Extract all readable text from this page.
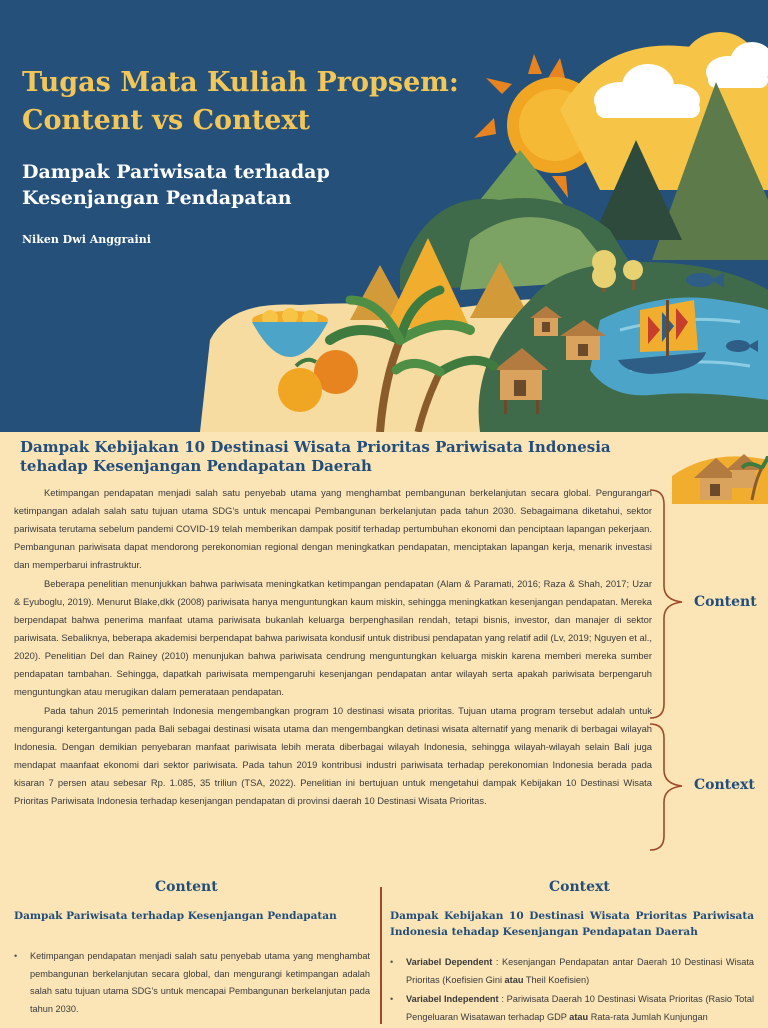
Tugas Mata Kuliah Propsem:
Content vs Context
Dampak Pariwisata terhadap
Kesenjangan Pendapatan
Niken Dwi Anggraini
Dampak Kebijakan 10 Destinasi Wisata Prioritas Pariwisata Indonesia tehadap Kesenjangan Pendapatan Daerah

Ketimpangan pendapatan menjadi salah satu penyebab utama yang menghambat pembangunan berkelanjutan secara global. Pengurangan ketimpangan adalah salah satu tujuan utama SDG’s untuk mencapai Pembangunan berkelanjutan pada tahun 2030. Sebagaimana diketahui, sektor pariwisata terutama sebelum pandemi COVID-19 telah memberikan dampak positif terhadap pertumbuhan ekonomi dan penciptaan lapangan pekerjaan. Pembangunan pariwisata dapat mendorong perekonomian regional dengan meningkatkan pendapatan, menciptakan lapangan kerja, menarik investasi dan memperbarui infrastruktur.

Beberapa penelitian menunjukkan bahwa pariwisata meningkatkan ketimpangan pendapatan (Alam & Paramati, 2016; Raza & Shah, 2017; Uzar & Eyuboglu, 2019). Menurut Blake,dkk (2008) pariwisata hanya menguntungkan kaum miskin, sehingga meningkatkan kesenjangan pendapatan. Mereka berpendapat bahwa penerima manfaat utama pariwisata bukanlah keluarga berpenghasilan rendah, tetapi bisnis, investor, dan manajer di sektor pariwisata. Sebaliknya, beberapa akademisi berpendapat bahwa pariwisata kondusif untuk distribusi pendapatan yang relatif adil (Lv, 2019; Nguyen et al., 2020). Penelitian Del dan Rainey (2010) menunjukan bahwa pariwisata cendrung menguntungkan keluarga miskin karena memberi mereka sumber pendapatan tambahan. Sehingga, dapatkah pariwisata mempengaruhi kesenjangan pendapatan antar wilayah serta apakah pariwisata berpengaruh menguntungkan atau merugikan dalam pemerataan pendapatan.

Pada tahun 2015 pemerintah Indonesia mengembangkan program 10 destinasi wisata prioritas. Tujuan utama program tersebut adalah untuk mengurangi ketergantungan pada Bali sebagai destinasi wisata utama dan mengembangkan detinasi wisata alternatif yang menarik di berbagai wilayah Indonesia. Dengan demikian penyebaran manfaat pariwisata lebih merata diberbagai wilayah Indonesia, sehingga wilayah-wilayah selain Bali juga mendapat maanfaat ekonomi dari sektor pariwisata. Pada tahun 2019 kontribusi industri pariwisata terhadap perekonomian Indonesia berada pada kisaran 7 persen atau sebesar Rp. 1.085, 35 triliun (TSA, 2022). Penelitian ini bertujuan untuk mengetahui dampak Kebijakan 10 Destinasi Wisata Prioritas Pariwisata Indonesia terhadap kesenjangan pendapatan di provinsi daerah 10 Destinasi Wisata Prioritas.

Content
Context
Content
Dampak Pariwisata terhadap Kesenjangan Pendapatan
• Ketimpangan pendapatan menjadi salah satu penyebab utama yang menghambat pembangunan berkelanjutan secara global, dan mengurangi ketimpangan adalah salah satu tujuan utama SDG’s untuk mencapai Pembangunan berkelanjutan pada tahun 2030.
Context
Dampak Kebijakan 10 Destinasi Wisata Prioritas Pariwisata Indonesia tehadap Kesenjangan Pendapatan Daerah
• Variabel Dependent : Kesenjangan Pendapatan antar Daerah 10 Destinasi Wisata Prioritas (Koefisien Gini atau Theil Koefisien)
• Variabel Independent : Pariwisata Daerah 10 Destinasi Wisata Prioritas (Rasio Total Pengeluaran Wisatawan terhadap GDP atau Rata-rata Jumlah Kunjungan
